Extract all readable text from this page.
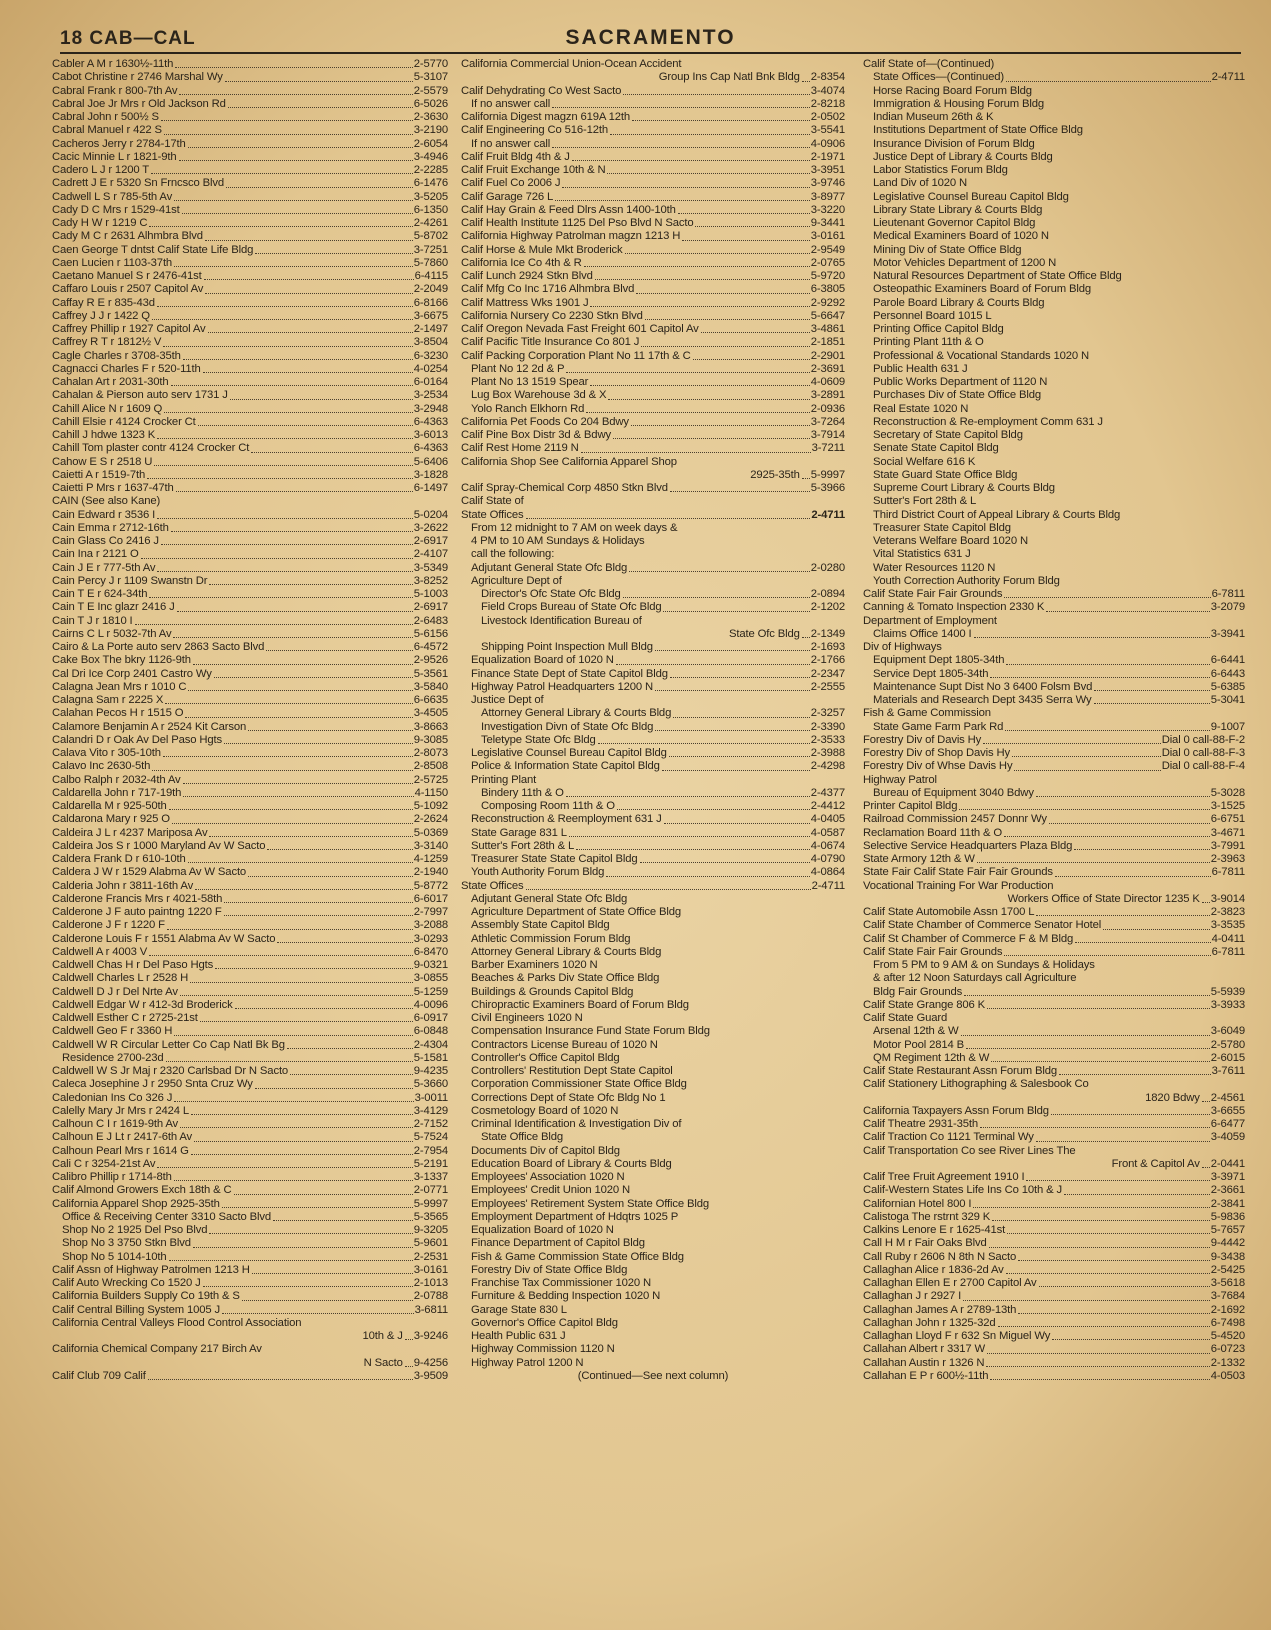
18 CAB—CAL	SACRAMENTO
Cabler A M r 1630½-11th	2-5770
Cabot Christine r 2746 Marshal Wy	5-3107
Cabral Frank r 800-7th Av	2-5579
Cabral Joe Jr Mrs r Old Jackson Rd	6-5026
Cabral John r 500½ S	2-3630
Cabral Manuel r 422 S	3-2190
Cacheros Jerry r 2784-17th	2-6054
Cacic Minnie L r 1821-9th	3-4946
Cadero L J r 1200 T	2-2285
Cadrett J E r 5320 Sn Frncsco Blvd	6-1476
Cadwell L S r 785-5th Av	3-5205
Cady D C Mrs r 1529-41st	6-1350
Cady H W r 1219 C	2-4261
Cady M C r 2631 Alhmbra Blvd	5-8702
Caen George T dntst Calif State Life Bldg	3-7251
Caen Lucien r 1103-37th	5-7860
Caetano Manuel S r 2476-41st	6-4115
Caffaro Louis r 2507 Capitol Av	2-2049
Caffay R E r 835-43d	6-8166
Caffrey J J r 1422 Q	3-6675
Caffrey Phillip r 1927 Capitol Av	2-1497
Caffrey R T r 1812½ V	3-8504
Cagle Charles r 3708-35th	6-3230
Cagnacci Charles F r 520-11th	4-0254
Cahalan Art r 2031-30th	6-0164
Cahalan & Pierson auto serv 1731 J	3-2534
Cahill Alice N r 1609 Q	3-2948
Cahill Elsie r 4124 Crocker Ct	6-4363
Cahill J hdwe 1323 K	3-6013
Cahill Tom plaster contr 4124 Crocker Ct	6-4363
Cahow E S r 2518 U	5-6406
Caietti A r 1519-7th	3-1828
Caietti P Mrs r 1637-47th	6-1497
CAIN (See also Kane)
Cain Edward r 3536 I	5-0204
Cain Emma r 2712-16th	3-2622
Cain Glass Co 2416 J	2-6917
Cain Ina r 2121 O	2-4107
Cain J E r 777-5th Av	3-5349
Cain Percy J r 1109 Swanstn Dr	3-8252
Cain T E r 624-34th	5-1003
Cain T E Inc glazr 2416 J	2-6917
Cain T J r 1810 I	2-6483
Cairns C L r 5032-7th Av	5-6156
Cairo & La Porte auto serv 2863 Sacto Blvd	6-4572
Cake Box The bkry 1126-9th	2-9526
Cal Dri Ice Corp 2401 Castro Wy	5-3561
Calagna Jean Mrs r 1010 C	3-5840
Calagna Sam r 2225 X	6-6635
Calahan Pecos H r 1515 O	3-4505
Calamore Benjamin A r 2524 Kit Carson	3-8663
Calandri D r Oak Av Del Paso Hgts	9-3085
Calava Vito r 305-10th	2-8073
Calavo Inc 2630-5th	2-8508
Calbo Ralph r 2032-4th Av	2-5725
Caldarella John r 717-19th	4-1150
Caldarella M r 925-50th	5-1092
Caldarona Mary r 925 O	2-2624
Caldeira J L r 4237 Mariposa Av	5-0369
Caldeira Jos S r 1000 Maryland Av W Sacto	3-3140
Caldera Frank D r 610-10th	4-1259
Caldera J W r 1529 Alabma Av W Sacto	2-1940
Calderia John r 3811-16th Av	5-8772
Calderone Francis Mrs r 4021-58th	6-6017
Calderone J F auto paintng 1220 F	2-7997
Calderone J F r 1220 F	3-2088
Calderone Louis F r 1551 Alabma Av W Sacto	3-0293
Caldwell A r 4003 V	6-8470
Caldwell Chas H r Del Paso Hgts	9-0321
Caldwell Charles L r 2528 H	3-0855
Caldwell D J r Del Nrte Av	5-1259
Caldwell Edgar W r 412-3d Broderick	4-0096
Caldwell Esther C r 2725-21st	6-0917
Caldwell Geo F r 3360 H	6-0848
Caldwell W R Circular Letter Co Cap Natl Bk Bg	2-4304
Residence 2700-23d	5-1581
Caldwell W S Jr Maj r 2320 Carlsbad Dr N Sacto	9-4235
Caleca Josephine J r 2950 Snta Cruz Wy	5-3660
Caledonian Ins Co 326 J	3-0011
Calelly Mary Jr Mrs r 2424 L	3-4129
Calhoun C I r 1619-9th Av	2-7152
Calhoun E J Lt r 2417-6th Av	5-7524
Calhoun Pearl Mrs r 1614 G	2-7954
Cali C r 3254-21st Av	5-2191
Calibro Phillip r 1714-8th	3-1337
Calif Almond Growers Exch 18th & C	2-0771
California Apparel Shop 2925-35th	5-9997
Office & Receiving Center 3310 Sacto Blvd	5-3565
Shop No 2 1925 Del Pso Blvd	9-3205
Shop No 3 3750 Stkn Blvd	5-9601
Shop No 5 1014-10th	2-2531
Calif Assn of Highway Patrolmen 1213 H	3-0161
Calif Auto Wrecking Co 1520 J	2-1013
California Builders Supply Co 19th & S	2-0788
Calif Central Billing System 1005 J	3-6811
California Central Valleys Flood Control Association
10th & J 3-9246
California Chemical Company 217 Birch Av
N Sacto 9-4256
Calif Club 709 Calif	3-9509
California Commercial Union-Ocean Accident
Group Ins Cap Natl Bnk Bldg 2-8354
Calif Dehydrating Co West Sacto	3-4074
If no answer call	2-8218
California Digest magzn 619A 12th	2-0502
Calif Engineering Co 516-12th	3-5541
If no answer call	4-0906
Calif Fruit Bldg 4th & J	2-1971
Calif Fruit Exchange 10th & N	3-3951
Calif Fuel Co 2006 J	3-9746
Calif Garage 726 L	3-8977
Calif Hay Grain & Feed Dlrs Assn 1400-10th	3-3220
Calif Health Institute 1125 Del Pso Blvd N Sacto	9-3441
California Highway Patrolman magzn 1213 H	3-0161
Calif Horse & Mule Mkt Broderick	2-9549
California Ice Co 4th & R	2-0765
Calif Lunch 2924 Stkn Blvd	5-9720
Calif Mfg Co Inc 1716 Alhmbra Blvd	6-3805
Calif Mattress Wks 1901 J	2-9292
California Nursery Co 2230 Stkn Blvd	5-6647
Calif Oregon Nevada Fast Freight 601 Capitol Av	3-4861
Calif Pacific Title Insurance Co 801 J	2-1851
Calif Packing Corporation Plant No 11 17th & C	2-2901
Plant No 12 2d & P	2-3691
Plant No 13 1519 Spear	4-0609
Lug Box Warehouse 3d & X	3-2891
Yolo Ranch Elkhorn Rd	2-0936
California Pet Foods Co 204 Bdwy	3-7264
Calif Pine Box Distr 3d & Bdwy	3-7914
Calif Rest Home 2119 N	3-7211
California Shop See California Apparel Shop
2925-35th 5-9997
Calif Spray-Chemical Corp 4850 Stkn Blvd	5-3966
Calif State of
State Offices	2-4711
From 12 midnight to 7 AM on week days &
4 PM to 10 AM Sundays & Holidays
call the following:
Adjutant General State Ofc Bldg	2-0280
Agriculture Dept of
Director's Ofc State Ofc Bldg	2-0894
Field Crops Bureau of State Ofc Bldg	2-1202
Livestock Identification Bureau of
State Ofc Bldg 2-1349
Shipping Point Inspection Mull Bldg	2-1693
Equalization Board of 1020 N	2-1766
Finance State Dept of State Capitol Bldg	2-2347
Highway Patrol Headquarters 1200 N	2-2555
Justice Dept of
Attorney General Library & Courts Bldg	2-3257
Investigation Divn of State Ofc Bldg	2-3390
Teletype State Ofc Bldg	2-3533
Legislative Counsel Bureau Capitol Bldg	2-3988
Police & Information State Capitol Bldg	2-4298
Printing Plant
Bindery 11th & O	2-4377
Composing Room 11th & O	2-4412
Reconstruction & Reemployment 631 J	4-0405
State Garage 831 L	4-0587
Sutter's Fort 28th & L	4-0674
Treasurer State State Capitol Bldg	4-0790
Youth Authority Forum Bldg	4-0864
State Offices	2-4711
Adjutant General State Ofc Bldg
Agriculture Department of State Office Bldg
Assembly State Capitol Bldg
Athletic Commission Forum Bldg
Attorney General Library & Courts Bldg
Barber Examiners 1020 N
Beaches & Parks Div State Office Bldg
Buildings & Grounds Capitol Bldg
Chiropractic Examiners Board of Forum Bldg
Civil Engineers 1020 N
Compensation Insurance Fund State Forum Bldg
Contractors License Bureau of 1020 N
Controller's Office Capitol Bldg
Controllers' Restitution Dept State Capitol
Corporation Commissioner State Office Bldg
Corrections Dept of State Ofc Bldg No 1
Cosmetology Board of 1020 N
Criminal Identification & Investigation Div of
State Office Bldg
Documents Div of Capitol Bldg
Education Board of Library & Courts Bldg
Employees' Association 1020 N
Employees' Credit Union 1020 N
Employees' Retirement System State Office Bldg
Employment Department of Hdqtrs 1025 P
Equalization Board of 1020 N
Finance Department of Capitol Bldg
Fish & Game Commission State Office Bldg
Forestry Div of State Office Bldg
Franchise Tax Commissioner 1020 N
Furniture & Bedding Inspection 1020 N
Garage State 830 L
Governor's Office Capitol Bldg
Health Public 631 J
Highway Commission 1120 N
Highway Patrol 1200 N
(Continued—See next column)
Calif State of—(Continued)
State Offices—(Continued)	2-4711
Horse Racing Board Forum Bldg
Immigration & Housing Forum Bldg
Indian Museum 26th & K
Institutions Department of State Office Bldg
Insurance Division of Forum Bldg
Justice Dept of Library & Courts Bldg
Labor Statistics Forum Bldg
Land Div of 1020 N
Legislative Counsel Bureau Capitol Bldg
Library State Library & Courts Bldg
Lieutenant Governor Capitol Bldg
Medical Examiners Board of 1020 N
Mining Div of State Office Bldg
Motor Vehicles Department of 1200 N
Natural Resources Department of State Office Bldg
Osteopathic Examiners Board of Forum Bldg
Parole Board Library & Courts Bldg
Personnel Board 1015 L
Printing Office Capitol Bldg
Printing Plant 11th & O
Professional & Vocational Standards 1020 N
Public Health 631 J
Public Works Department of 1120 N
Purchases Div of State Office Bldg
Real Estate 1020 N
Reconstruction & Re-employment Comm 631 J
Secretary of State Capitol Bldg
Senate State Capitol Bldg
Social Welfare 616 K
State Guard State Office Bldg
Supreme Court Library & Courts Bldg
Sutter's Fort 28th & L
Third District Court of Appeal Library & Courts Bldg
Treasurer State Capitol Bldg
Veterans Welfare Board 1020 N
Vital Statistics 631 J
Water Resources 1120 N
Youth Correction Authority Forum Bldg
Calif State Fair Fair Grounds	6-7811
Canning & Tomato Inspection 2330 K	3-2079
Department of Employment
Claims Office 1400 I	3-3941
Div of Highways
Equipment Dept 1805-34th	6-6441
Service Dept 1805-34th	6-6443
Maintenance Supt Dist No 3 6400 Folsm Bvd	5-6385
Materials and Research Dept 3435 Serra Wy	5-3041
Fish & Game Commission
State Game Farm Park Rd	9-1007
Forestry Div of Davis Hy	Dial 0 call-88-F-2
Forestry Div of Shop Davis Hy	Dial 0 call-88-F-3
Forestry Div of Whse Davis Hy	Dial 0 call-88-F-4
Highway Patrol
Bureau of Equipment 3040 Bdwy	5-3028
Printer Capitol Bldg	3-1525
Railroad Commission 2457 Donnr Wy	6-6751
Reclamation Board 11th & O	3-4671
Selective Service Headquarters Plaza Bldg	3-7991
State Armory 12th & W	2-3963
State Fair Calif State Fair Fair Grounds	6-7811
Vocational Training For War Production
Workers Office of State Director 1235 K 3-9014
Calif State Automobile Assn 1700 L	2-3823
Calif State Chamber of Commerce Senator Hotel	3-3535
Calif St Chamber of Commerce F & M Bldg	4-0411
Calif State Fair Fair Grounds	6-7811
From 5 PM to 9 AM & on Sundays & Holidays
& after 12 Noon Saturdays call Agriculture
Bldg Fair Grounds	5-5939
Calif State Grange 806 K	3-3933
Calif State Guard
Arsenal 12th & W	3-6049
Motor Pool 2814 B	2-5780
QM Regiment 12th & W	2-6015
Calif State Restaurant Assn Forum Bldg	3-7611
Calif Stationery Lithographing & Salesbook Co
1820 Bdwy 2-4561
California Taxpayers Assn Forum Bldg	3-6655
Calif Theatre 2931-35th	6-6477
Calif Traction Co 1121 Terminal Wy	3-4059
Calif Transportation Co see River Lines The
Front & Capitol Av 2-0441
Calif Tree Fruit Agreement 1910 I	3-3971
Calif-Western States Life Ins Co 10th & J	2-3661
Californian Hotel 800 I	2-3841
Calistoga The rstrnt 329 K	5-9836
Calkins Lenore E r 1625-41st	5-7657
Call H M r Fair Oaks Blvd	9-4442
Call Ruby r 2606 N 8th N Sacto	9-3438
Callaghan Alice r 1836-2d Av	2-5425
Callaghan Ellen E r 2700 Capitol Av	3-5618
Callaghan J r 2927 I	3-7684
Callaghan James A r 2789-13th	2-1692
Callaghan John r 1325-32d	6-7498
Callaghan Lloyd F r 632 Sn Miguel Wy	5-4520
Callahan Albert r 3317 W	6-0723
Callahan Austin r 1326 N	2-1332
Callahan E P r 600½-11th	4-0503
